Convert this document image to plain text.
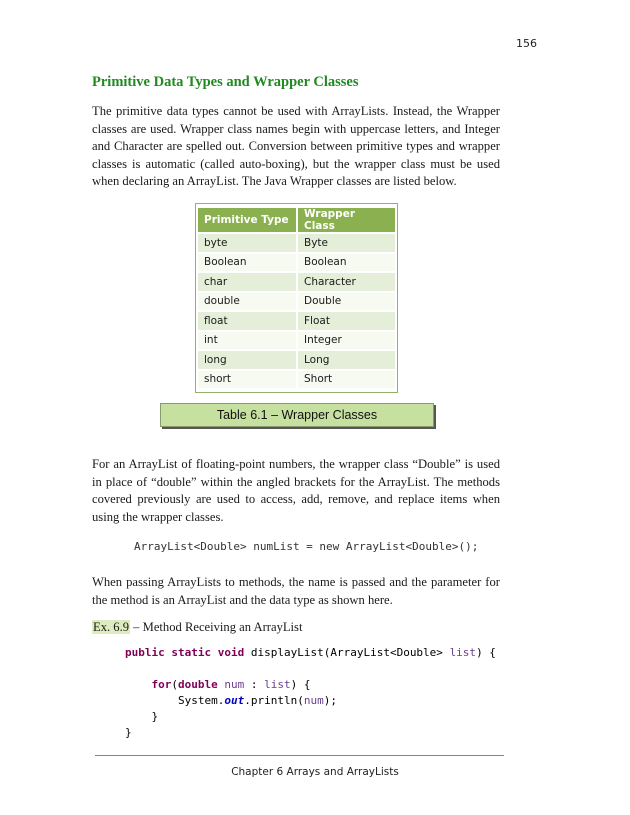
156
Primitive Data Types and Wrapper Classes

The primitive data types cannot be used with ArrayLists. Instead, the Wrapper classes are used. Wrapper class names begin with uppercase letters, and Integer and Character are spelled out. Conversion between primitive types and wrapper classes is automatic (called auto-boxing), but the wrapper class must be used when declaring an ArrayList. The Java Wrapper classes are listed below.

Primitive Type	Wrapper Class
byte	Byte
Boolean	Boolean
char	Character
double	Double
float	Float
int	Integer
long	Long
short	Short
Table 6.1 – Wrapper Classes

For an ArrayList of floating-point numbers, the wrapper class “Double” is used in place of “double” within the angled brackets for the ArrayList. The methods covered previously are used to access, add, remove, and replace items when using the wrapper classes.

ArrayList<Double> numList = new ArrayList<Double>();

When passing ArrayLists to methods, the name is passed and the parameter for the method is an ArrayList and the data type as shown here.

Ex. 6.9 – Method Receiving an ArrayList

public static void displayList(ArrayList<Double> list) {

for(double num : list) {
System.out.println(num);
}
}
Chapter 6 Arrays and ArrayLists
